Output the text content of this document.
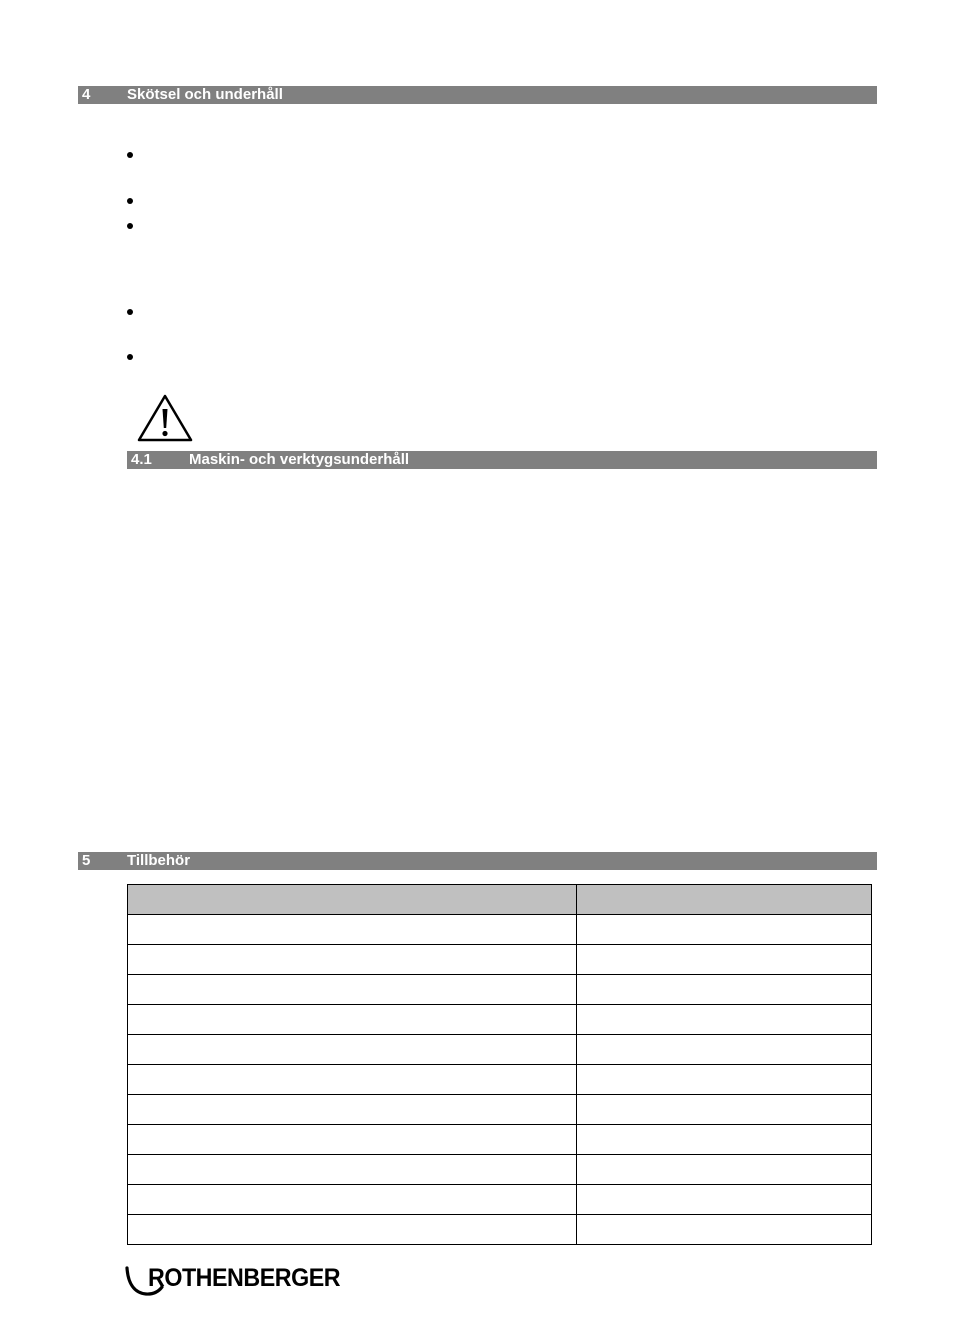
4 Skötsel och underhåll
4.1 Maskin- och verktygsunderhåll
5 Tillbehör

ROTHENBERGER
